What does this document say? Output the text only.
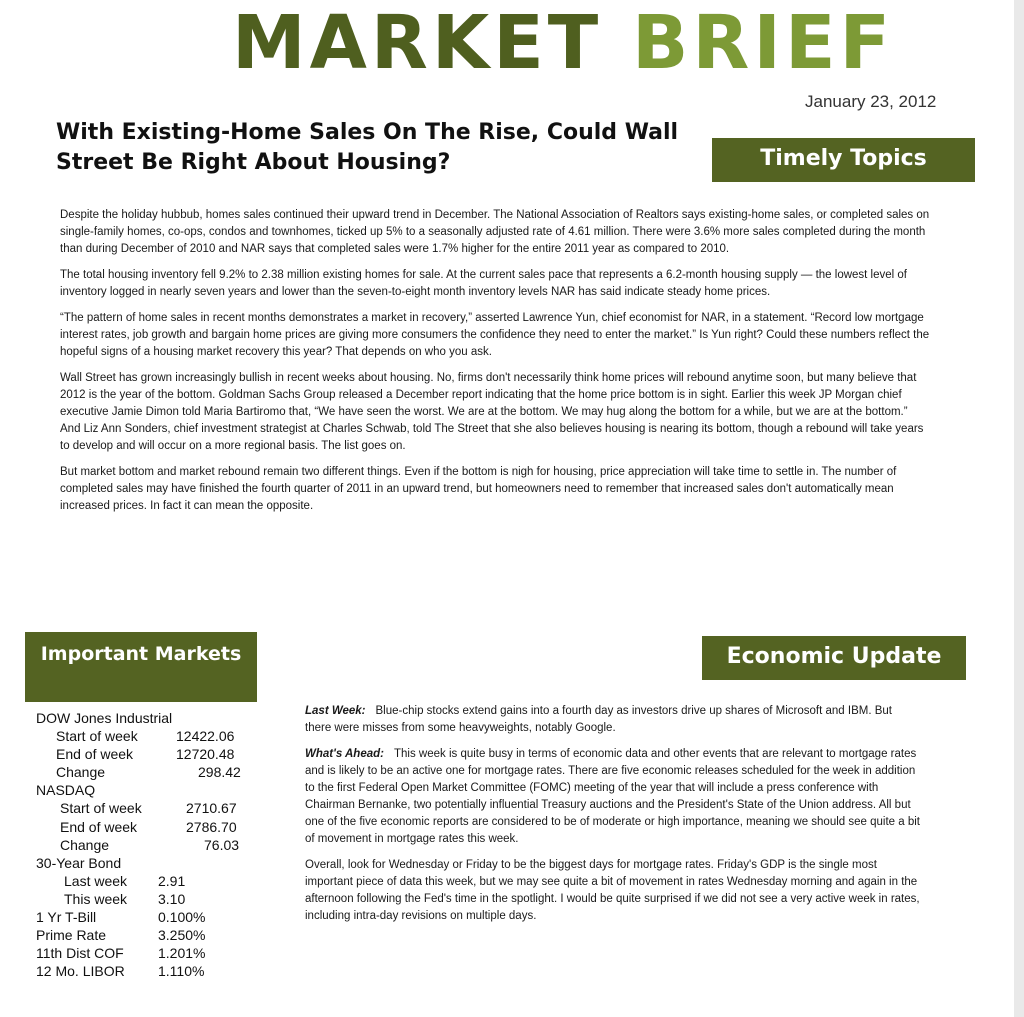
MARKET BRIEF
January 23, 2012
With Existing-Home Sales On The Rise, Could Wall Street Be Right About Housing?	Timely Topics

Despite the holiday hubbub, homes sales continued their upward trend in December. The National Association of Realtors says existing-home sales, or completed sales on single-family homes, co-ops, condos and townhomes, ticked up 5% to a seasonally adjusted rate of 4.61 million. There were 3.6% more sales completed during the month than during December of 2010 and NAR says that completed sales were 1.7% higher for the entire 2011 year as compared to 2010.

The total housing inventory fell 9.2% to 2.38 million existing homes for sale. At the current sales pace that represents a 6.2-month housing supply — the lowest level of inventory logged in nearly seven years and lower than the seven-to-eight month inventory levels NAR has said indicate steady home prices.

“The pattern of home sales in recent months demonstrates a market in recovery,” asserted Lawrence Yun, chief economist for NAR, in a statement. “Record low mortgage interest rates, job growth and bargain home prices are giving more consumers the confidence they need to enter the market.” Is Yun right? Could these numbers reflect the hopeful signs of a housing market recovery this year? That depends on who you ask.

Wall Street has grown increasingly bullish in recent weeks about housing. No, firms don't necessarily think home prices will rebound anytime soon, but many believe that 2012 is the year of the bottom. Goldman Sachs Group released a December report indicating that the home price bottom is in sight. Earlier this week JP Morgan chief executive Jamie Dimon told Maria Bartiromo that, “We have seen the worst. We are at the bottom. We may hug along the bottom for a while, but we are at the bottom.” And Liz Ann Sonders, chief investment strategist at Charles Schwab, told The Street that she also believes housing is nearing its bottom, though a rebound will take years to develop and will occur on a more regional basis. The list goes on.

But market bottom and market rebound remain two different things. Even if the bottom is nigh for housing, price appreciation will take time to settle in. The number of completed sales may have finished the fourth quarter of 2011 in an upward trend, but homeowners need to remember that increased sales don't automatically mean increased prices. In fact it can mean the opposite.

Important Markets
DOW Jones Industrial
Start of week	12422.06
End of week	12720.48
Change	298.42
NASDAQ
Start of week	2710.67
End of week	2786.70
Change	76.03
30-Year Bond
Last week 2.91
This week 3.10
1 Yr T-Bill	0.100%
Prime Rate	3.250%
11th Dist COF 1.201%
12 Mo. LIBOR 1.110%
Economic Update

Last Week: Blue-chip stocks extend gains into a fourth day as investors drive up shares of Microsoft and IBM. But there were misses from some heavyweights, notably Google.

What's Ahead: This week is quite busy in terms of economic data and other events that are relevant to mortgage rates and is likely to be an active one for mortgage rates. There are five economic releases scheduled for the week in addition to the first Federal Open Market Committee (FOMC) meeting of the year that will include a press conference with Chairman Bernanke, two potentially influential Treasury auctions and the President's State of the Union address. All but one of the five economic reports are considered to be of moderate or high importance, meaning we should see quite a bit of movement in mortgage rates this week.

Overall, look for Wednesday or Friday to be the biggest days for mortgage rates. Friday's GDP is the single most important piece of data this week, but we may see quite a bit of movement in rates Wednesday morning and again in the afternoon following the Fed's time in the spotlight. I would be quite surprised if we did not see a very active week in rates, including intra-day revisions on multiple days.
